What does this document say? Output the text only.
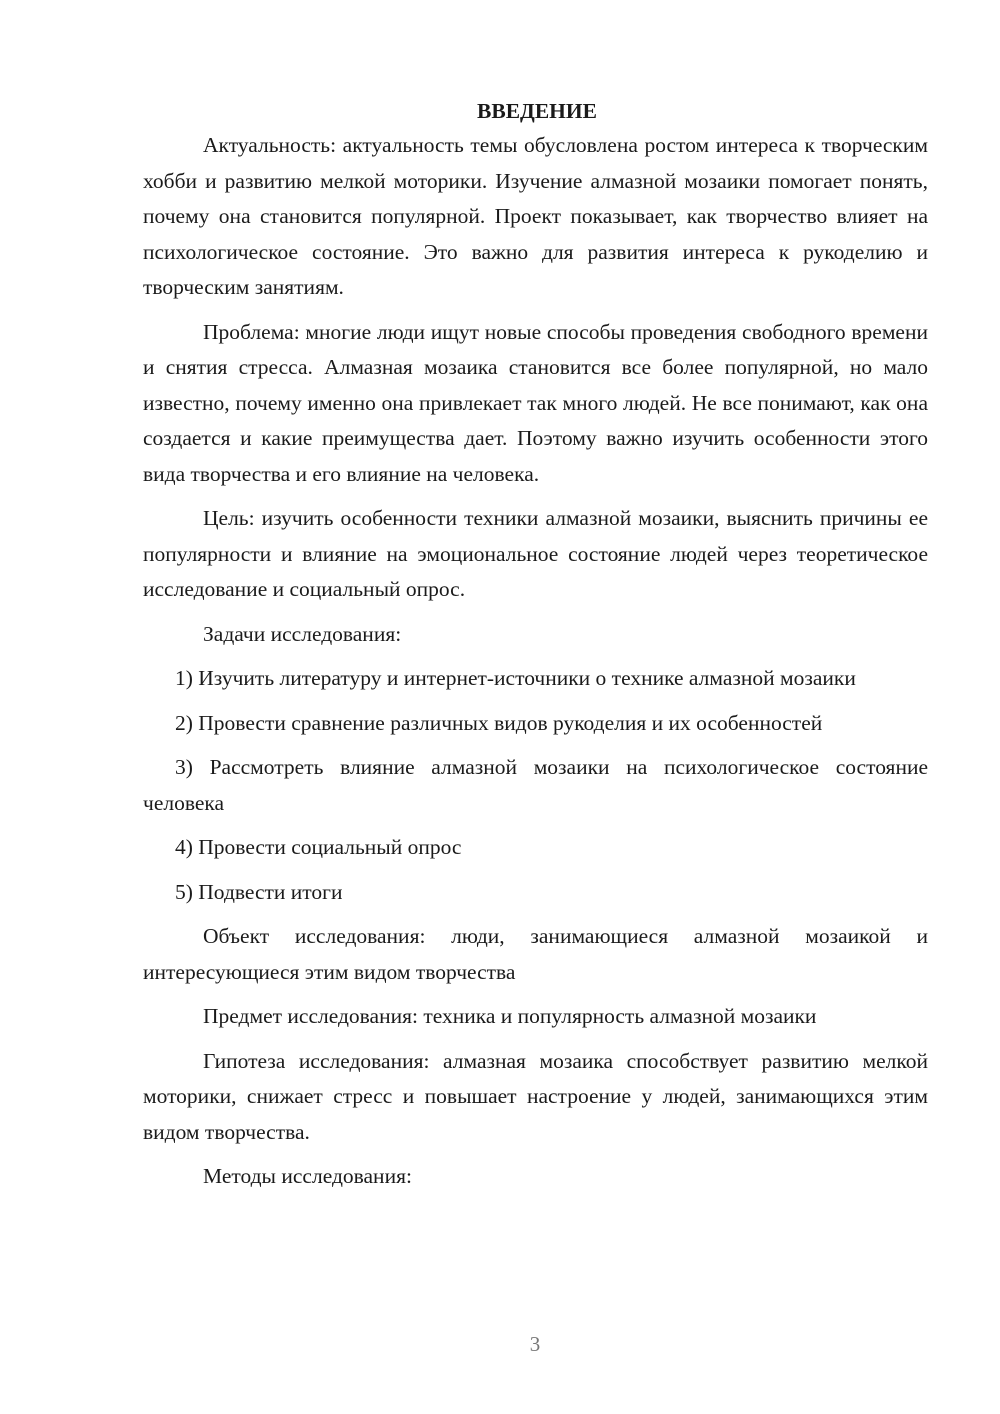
ВВЕДЕНИЕ

Актуальность: актуальность темы обусловлена ростом интереса к творческим хобби и развитию мелкой моторики. Изучение алмазной мозаики помогает понять, почему она становится популярной. Проект показывает, как творчество влияет на психологическое состояние. Это важно для развития интереса к рукоделию и творческим занятиям.

Проблема: многие люди ищут новые способы проведения свободного времени и снятия стресса. Алмазная мозаика становится все более популярной, но мало известно, почему именно она привлекает так много людей. Не все понимают, как она создается и какие преимущества дает. Поэтому важно изучить особенности этого вида творчества и его влияние на человека.

Цель: изучить особенности техники алмазной мозаики, выяснить причины ее популярности и влияние на эмоциональное состояние людей через теоретическое исследование и социальный опрос.

Задачи исследования:

1) Изучить литературу и интернет-источники о технике алмазной мозаики

2) Провести сравнение различных видов рукоделия и их особенностей

3) Рассмотреть влияние алмазной мозаики на психологическое состояние человека

4) Провести социальный опрос

5) Подвести итоги

Объект исследования: люди, занимающиеся алмазной мозаикой и интересующиеся этим видом творчества

Предмет исследования: техника и популярность алмазной мозаики

Гипотеза исследования: алмазная мозаика способствует развитию мелкой моторики, снижает стресс и повышает настроение у людей, занимающихся этим видом творчества.

Методы исследования:

3
